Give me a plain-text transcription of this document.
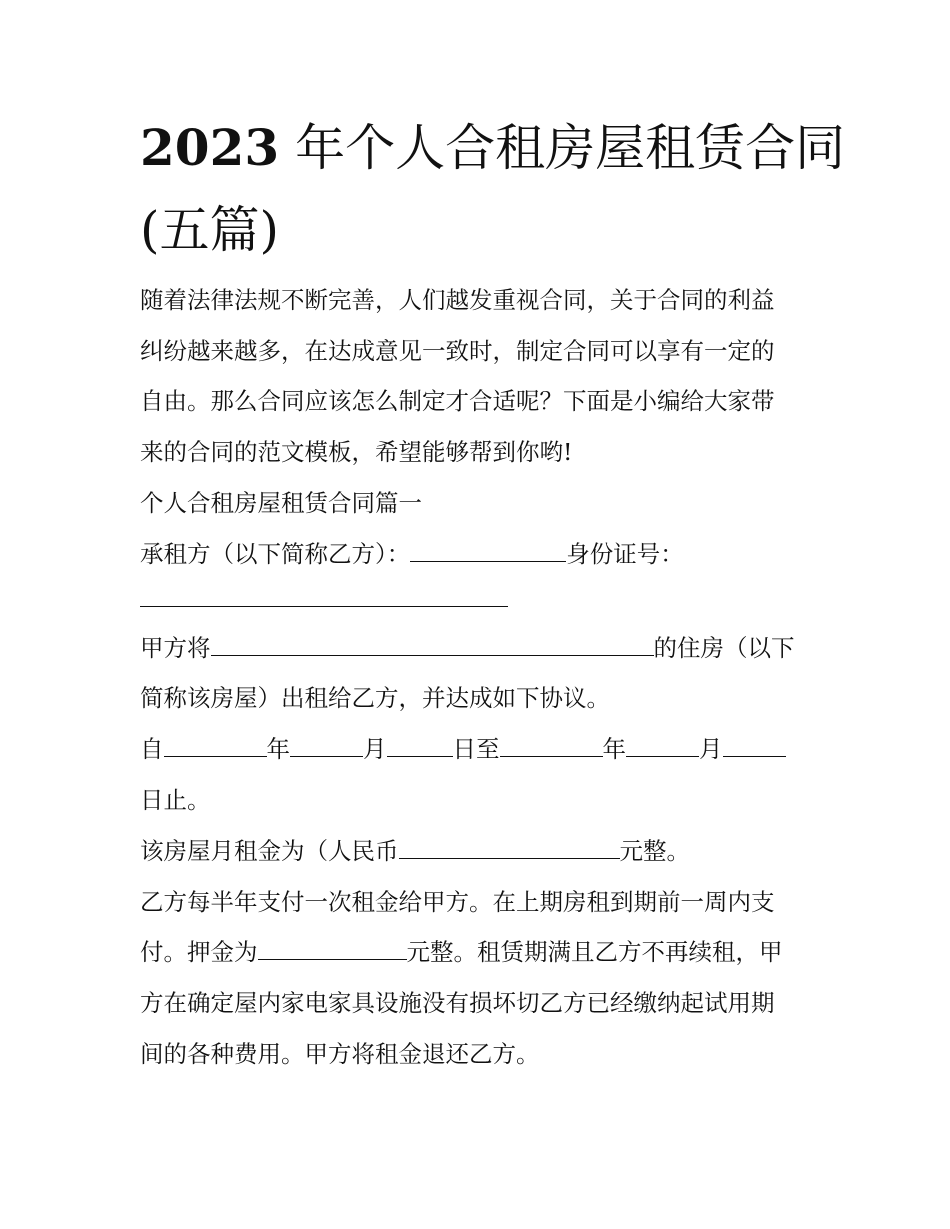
2023 年个人合租房屋租赁合同
(五篇)

随着法律法规不断完善，人们越发重视合同，关于合同的利益

纠纷越来越多，在达成意见一致时，制定合同可以享有一定的

自由。那么合同应该怎么制定才合适呢？下面是小编给大家带

来的合同的范文模板，希望能够帮到你哟!

个人合租房屋租赁合同篇一

承租方（以下简称乙方）：	身份证号：

甲方将	的住房（以下

简称该房屋）出租给乙方，并达成如下协议。

自	年	月	日至	年	月

日止。

该房屋月租金为（人民币	元整。

乙方每半年支付一次租金给甲方。在上期房租到期前一周内支

付。押金为	元整。租赁期满且乙方不再续租，甲

方在确定屋内家电家具设施没有损坏切乙方已经缴纳起试用期

间的各种费用。甲方将租金退还乙方。
